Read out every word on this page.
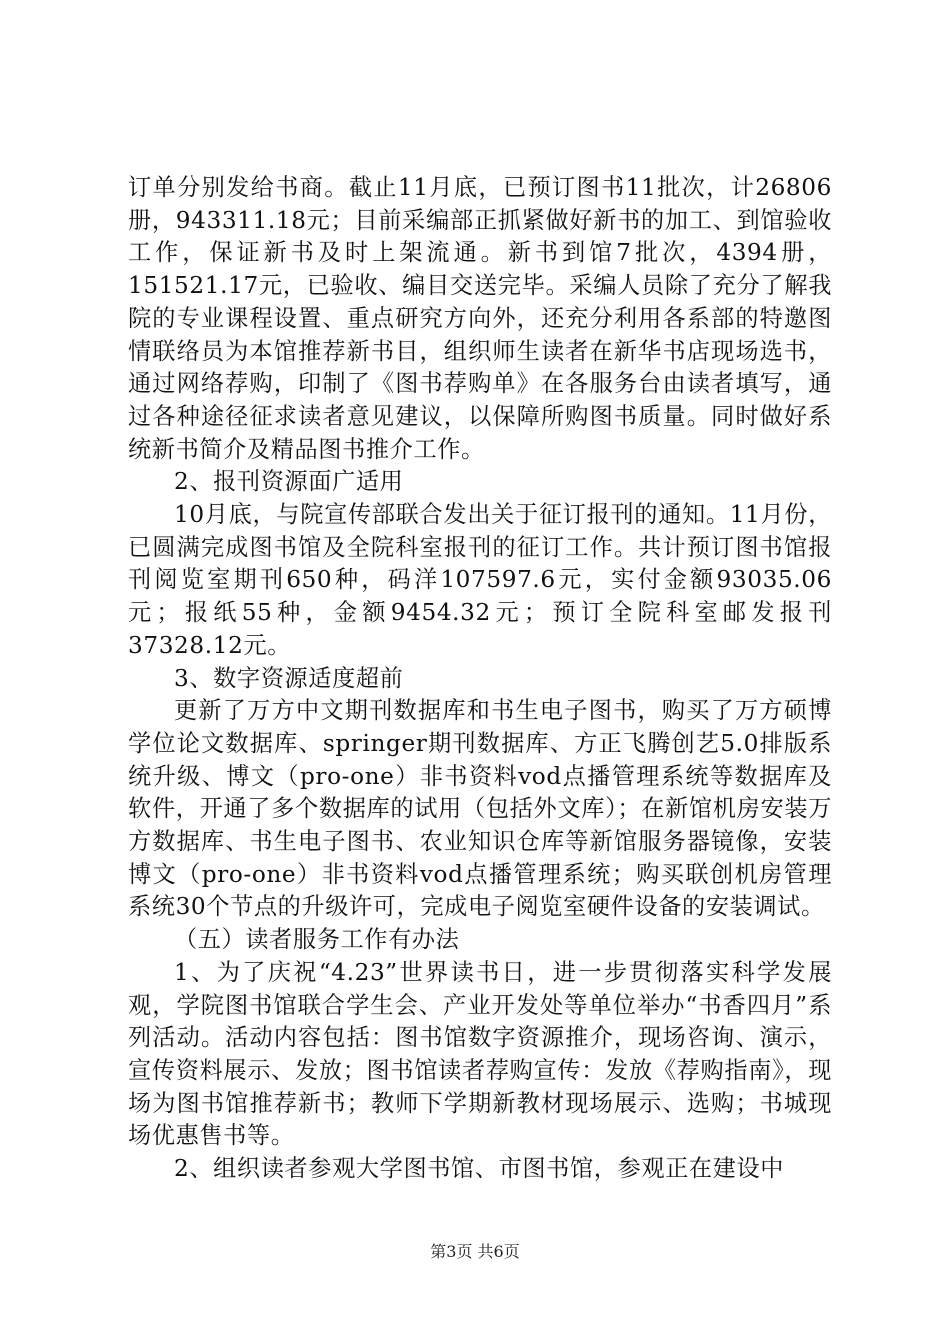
订单分别发给书商。截止11月底，已预订图书11批次，计26806册，943311.18元；目前采编部正抓紧做好新书的加工、到馆验收工作，保证新书及时上架流通。新书到馆7批次，4394册，151521.17元，已验收、编目交送完毕。采编人员除了充分了解我院的专业课程设置、重点研究方向外，还充分利用各系部的特邀图情联络员为本馆推荐新书目，组织师生读者在新华书店现场选书，通过网络荐购，印制了《图书荐购单》在各服务台由读者填写，通过各种途径征求读者意见建议，以保障所购图书质量。同时做好系统新书简介及精品图书推介工作。

2、报刊资源面广适用

10月底，与院宣传部联合发出关于征订报刊的通知。11月份，已圆满完成图书馆及全院科室报刊的征订工作。共计预订图书馆报刊阅览室期刊650种，码洋107597.6元，实付金额93035.06元；报纸55种，金额9454.32元；预订全院科室邮发报刊37328.12元。

3、数字资源适度超前

更新了万方中文期刊数据库和书生电子图书，购买了万方硕博学位论文数据库、springer期刊数据库、方正飞腾创艺5.0排版系统升级、博文（pro-one）非书资料vod点播管理系统等数据库及软件，开通了多个数据库的试用（包括外文库）；在新馆机房安装万方数据库、书生电子图书、农业知识仓库等新馆服务器镜像，安装博文（pro-one）非书资料vod点播管理系统；购买联创机房管理系统30个节点的升级许可，完成电子阅览室硬件设备的安装调试。

（五）读者服务工作有办法

1、为了庆祝“4.23”世界读书日，进一步贯彻落实科学发展观，学院图书馆联合学生会、产业开发处等单位举办“书香四月”系列活动。活动内容包括：图书馆数字资源推介，现场咨询、演示，宣传资料展示、发放；图书馆读者荐购宣传：发放《荐购指南》，现场为图书馆推荐新书；教师下学期新教材现场展示、选购；书城现场优惠售书等。

2、组织读者参观大学图书馆、市图书馆，参观正在建设中

第3页 共6页
